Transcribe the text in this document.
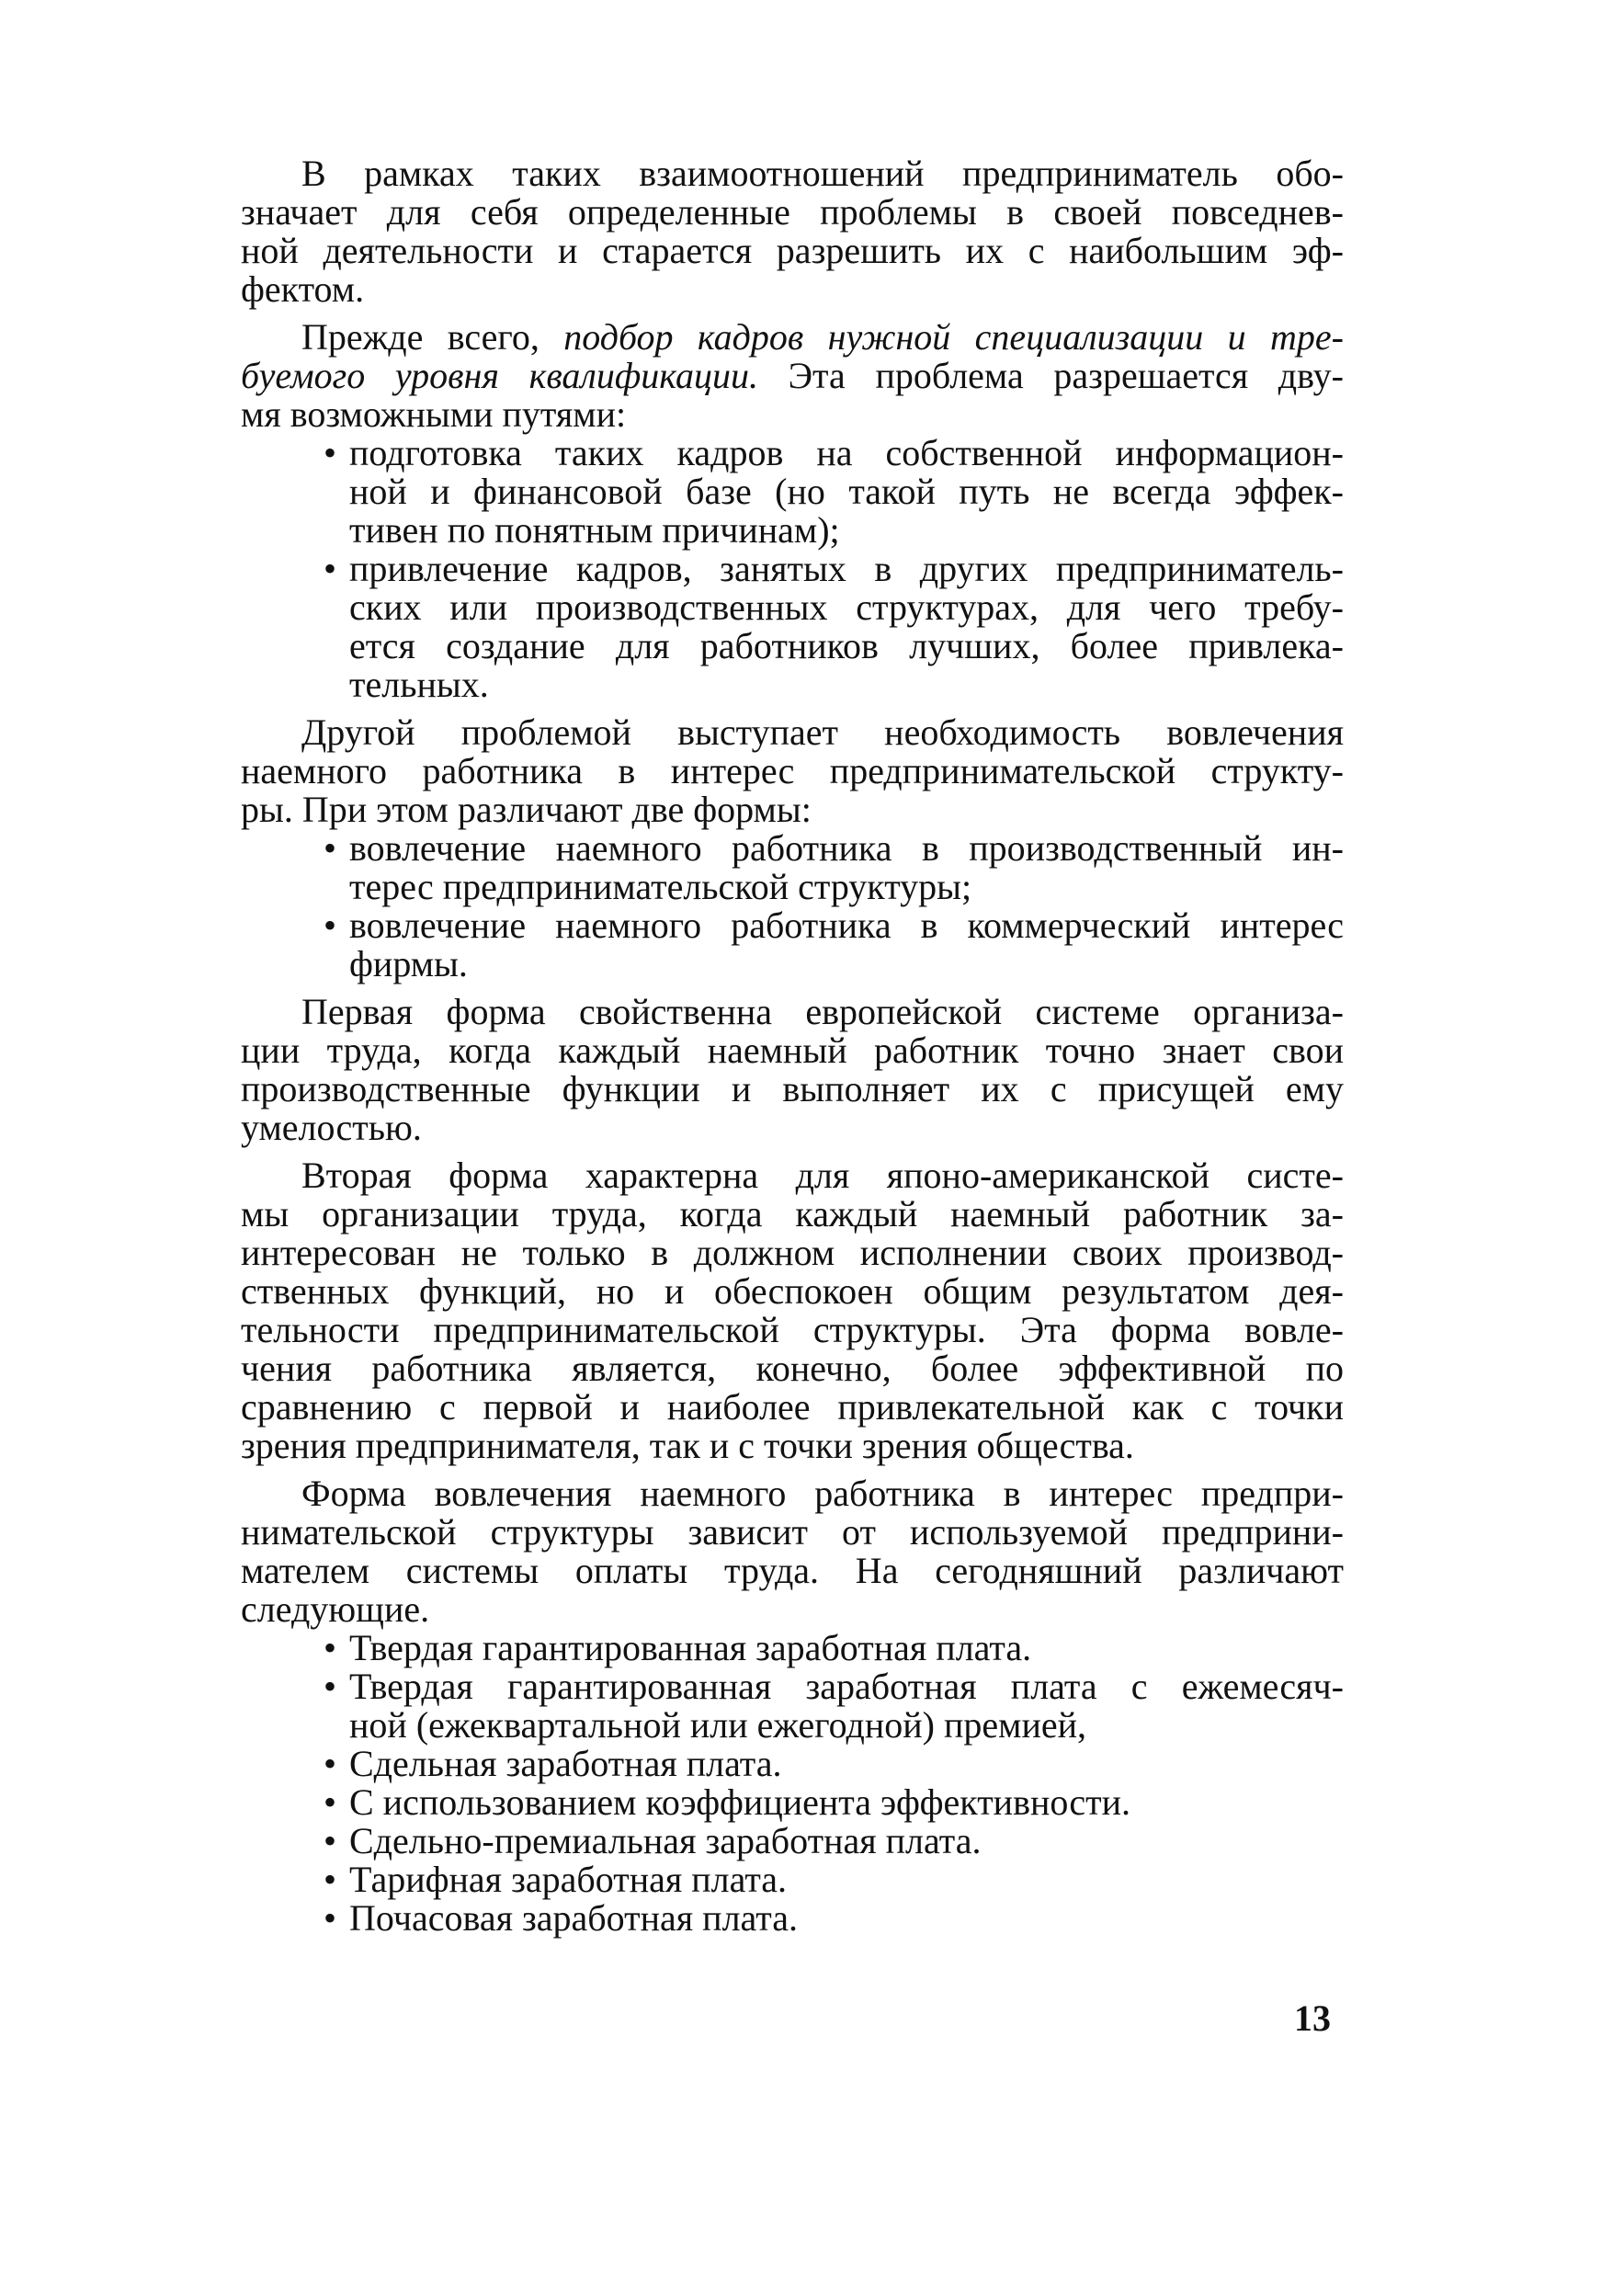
В рамках таких взаимоотношений предприниматель обо-
значает для себя определенные проблемы в своей повседнев-
ной деятельности и старается разрешить их с наибольшим эф-
фектом.
Прежде всего, подбор кадров нужной специализации и тре-
буемого уровня квалификации. Эта проблема разрешается дву-
мя возможными путями:
• подготовка таких кадров на собственной информацион-
ной и финансовой базе (но такой путь не всегда эффек-
тивен по понятным причинам);
• привлечение кадров, занятых в других предприниматель-
ских или производственных структурах, для чего требу-
ется создание для работников лучших, более привлека-
тельных.
Другой проблемой выступает необходимость вовлечения
наемного работника в интерес предпринимательской структу-
ры. При этом различают две формы:
• вовлечение наемного работника в производственный ин-
терес предпринимательской структуры;
• вовлечение наемного работника в коммерческий интерес
фирмы.
Первая форма свойственна европейской системе организа-
ции труда, когда каждый наемный работник точно знает свои
производственные функции и выполняет их с присущей ему
умелостью.
Вторая форма характерна для японо-американской систе-
мы организации труда, когда каждый наемный работник за-
интересован не только в должном исполнении своих производ-
ственных функций, но и обеспокоен общим результатом дея-
тельности предпринимательской структуры. Эта форма вовле-
чения работника является, конечно, более эффективной по
сравнению с первой и наиболее привлекательной как с точки
зрения предпринимателя, так и с точки зрения общества.
Форма вовлечения наемного работника в интерес предпри-
нимательской структуры зависит от используемой предприни-
мателем системы оплаты труда. На сегодняшний различают
следующие.
• Твердая гарантированная заработная плата.
• Твердая гарантированная заработная плата с ежемесяч-
ной (ежеквартальной или ежегодной) премией,
• Сдельная заработная плата.
• С использованием коэффициента эффективности.
• Сдельно-премиальная заработная плата.
• Тарифная заработная плата.
• Почасовая заработная плата.
13
